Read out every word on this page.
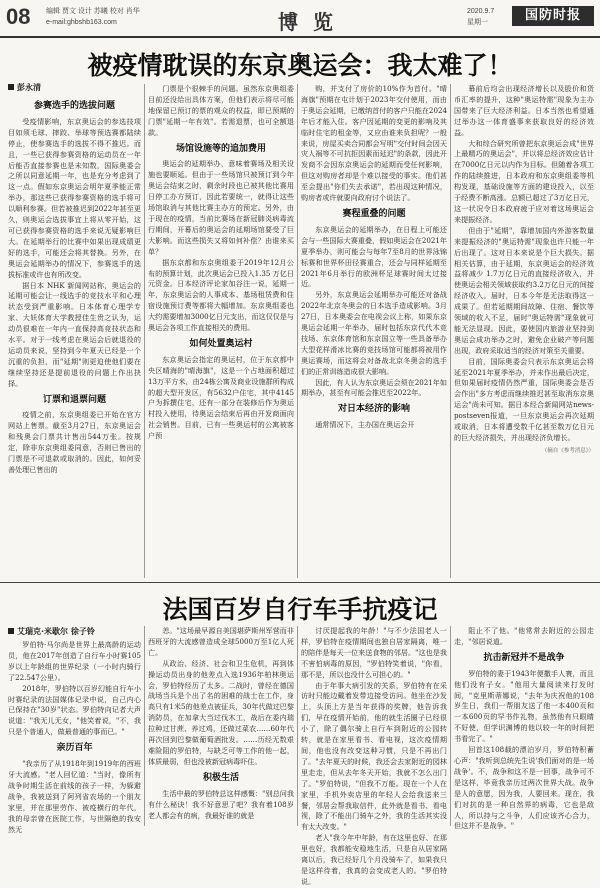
08 编辑 贾文 设计 苏曦 校对 肖华
e-mail:ghbshb163.com	博 览	2020.9.7
星期一	国防时报
被疫情耽误的东京奥运会：我太难了！
彭永清
参赛选手的选拔问题

受疫情影响，东京奥运会的参选技项目如须毛球、摔跤、举球等预选赛都陆续停止，使参赛选手的选拔不得不推迟。而且，一些已获得参赛资格的运动员在一年后能否直接参赛也是未知数，国际奥委会之所以同意延期一年，也是充分考虑到了这一点。假如东京奥运会明年夏季能正常举办，那这些已获得参赛资格的选手将可以顺利参赛。但若被推迟到2022年甚至更久，则奥运会选拔事宜上将从零开始，这可已获得参赛资格的选手来说无疑影响巨大。在延期举行的比赛中如果出现成绩更好的选手，可能还会将其替换。另外，在奥运会延期举办的情况下，参赛选手的选拔标准或许也有所改变。

据日本 NHK 新闻网站称，奥运会的延期可能会让一线选手的竞技水平和心理状态受到严重影响。日本体育心理学专家、大妖体育大学教授佳生贵之认为，运动员很难在一年内一直保持高竞技状态和水平。对于一线考虑在奥运会后就退役的运动员来说，坚持到今年夏天已经是一个沉重的负担，而"延期"则更迫使他们要在继续坚持还是提前退役的问题上作出抉择。

订票和退票问题

疫情之前，东京奥组委已开始在官方网站上售票。截至3月27日，东京奥运会和残奥会门票共计售出544万张。按规定，除非东京奥组委同意，否则已售出的门票是不可退款或取消的。因此，如何妥善处理已售出的

门票是个很棘手的问题。虽然东京奥组委目前还没给出具体方案，但他们表示将尽可能地保留已预订的票的观众的权益，即已预期的门票"延期一年有效"。若需退票，也可全额退款。

场馆设施等的追加费用

奥运会的延期举办，意味着赛场及相关设施也要顺延。但由于一些场馆只被预订到今年奥运会结束之时，剩余时段也已被其他比赛用日停工办方预订，因此若要统一，就得让这些场馆取消与其他比赛主办方的预定。另外，由于现在的疫情，当前比赛场在新冠肺炎病毒流行期间，开幕后的奥运会的延期场馆要受了巨大影响。而这些损失又将如何补偿？由谁来买单？

据东京都和东京奥组委于2019年12月公布的预算计划，此次奥运会已投入1.35 万亿日元资金。日本经济评论家加谷注一说，延期一年，东京奥运会的人事成本、基场租赁费和住宿设施预订费等都将大幅增加。东京奥组委也大约需要增加3000亿日元支出，而这仅仅是与奥运会各项工作直接相关的费用。

如何处置奥运村

东京奥运会指定的奥运村，位于东京都中央区晴海的"晴海旗"，这是一个占地面积超过13万平方米，由24栋公寓及商业设施群所构成的超大型开发区，有5632户住宅，其中4145户为拆撰住宅，还有一部分在装修后作为奥运村投入使用，待奥运会结束后再由开发商面向社会销售。目前，已有一些奥运村的公寓被客户预

购，并支付了房价的10%作为首付。"晴海旗"预期在屯计划于2023年交付使用，而由于奥运会延期，已缴纳首付的客户只能在2024年后才能入住。客户因延期的变更的影响及其临时住宅的租金等，又应由谁来负担呢？一般来说，房屋买卖合同都会写明"交付时间会因天灾人祸等不可抗拒因素而延迟"的条款，因此开发商不会因东京奥运会的延期而受任何影响，但这对购房者却是个难以接受的事实。他们甚至会提出"你们失去承诺"，若出现这种情况，购房者或许就要向政府讨个说法了。

赛程重叠的问题

东京奥运会的延期举办，在日程上可能还会与一些国际大赛重叠，假如奥运会在2021年夏季举办，则可能会与每年7至8月的世界泳锦标赛和世界杯田径赛重合，还会与同样延期至2021年6月举行的欧洲杯足球赛时间太过接近。

另外，东京奥运会延期举办可能还对备战2022年北京冬奥会的日本选手造成影响。3月27日，日本奥委会在电视会议上称，如果东京奥运会延期一年举办，届时包括东京代代木竞技场、东京体育馆和东京国立等一些具备举办大型花样滑冰比赛的竞技场馆可能都将被用作奥运赛场，而这将会对备战北京冬奥会的选手们的正常训练造成很大影响。

因此，有人认为东京奥运会须在2021年如期举办，甚至有可能会推迟至2022年。

对日本经济的影响

通常情况下，主办国在奥运会开

幕前后均会出现经济增长以及股价和货币汇率的提升，这种"奥运特需"现象为主办国带来了巨大经济利益。日本当然也希望通过举办这一体育盛事来获取良好的经济效益。

大和综合研究所曾把东京奥运会成"世界上最精巧的奥运会"，并以将总经济效应估计在7000亿日元以内作为目标。但随着各项工作的陆续推进，日本政府和东京奥组委等机构发现，基础设施等方面的建设投入，以至于经费不断高涨。总额已超过了3万亿日元，这一状况令日本政府疲于应对着这场奥运会来提振经济。

但由于"延期"，靠增加国内外游客数量来提振经济的"奥运特需"现象也许只能一年后出现了。这对日本来说是个巨大损失。据相关估算，由于延期，东京奥运会的经济效益将减少 1.7万亿日元的直接经济收入，并使奥运会相关领域获取约3.2万亿日元的间接经济收入。届时，日本今年是无法取得这一成果了。但若延期期间故障、住宿、餐饮等领域的收入不足，届时"奥运特需"现象就可能无法显现。因此，要使国内旅游业坚持到奥运会成功举办之时，避免企业破产等问题出现，政府采取适当的经济对策至关重要。

目前，国际奥委会只表示东京奥运会将延至2021年夏季举办，并未作出最后决定，但如果届时疫情仍然严重，国际奥委会是否会作出"多方考虑而继续推迟甚至取消东京奥运会"尚未可知。据日本经合新闻网站news-postseven报道，一旦东京奥运会再次延期或取消，日本将遭受数千亿甚至数万亿日元的巨大经济损失，并出现经济负增长。

（摘自《参考消息》）
法国百岁自行车手抗疫记
艾瑞克·米歇尔 徐子铃

罗伯特·马尔尚是世界上最高龄的运动员，他在2017年创造了自行车小时赛105岁以上年龄组的世界纪录（一小时内骑行了22.547公里）。

2018年，罗伯特以百岁幻能自行车小时赛纪录的法国媒体记录中说，自己内心已保持在"30岁"状态。罗伯特向记者大声说道："我无儿无女，"他笑着说，"不，我只是个普通人，做最普通的事而已。"

亲历百年

"我亲历了从1918年到1919年的西班牙大流感。"老人回忆道："当时，像所有战争时期生活在前线的孩子一样，为躲避战争，我被送到了阿列省农场的一个朋友家里，并在那里劳作、被疫横行的年代，我的母亲曾在医院工作，与世隔绝的我安然无

恙。"这场最早源自美国堪萨斯州军营而非西班牙的大流感曾造成全球5000万至1亿人死亡。

从政治、经济、社会和卫生危机，再到体操运动员出身的他差点入选1936年柏林奥运会，罗伯特经历了太多。二战时，曾经在德国战场当兵是个出了名的困难的战士在工作，身高只有1米5的他差点被征兵，30年代做过巴黎消防员，在加拿大当过伐木工，战后在委内瑞拉种过甘蔗、养过鸡，还做过菜农……60年代再次回到巴黎做葡萄酒批发。……历经无数艰难险阻的罗伯特，与缺乏可等工作的他一起，体质最弱，但也没被新冠病毒吓住。

积极生活

生活中最的罗伯特总这样感慨："别总问我有什么秘诀！我不好意思了吧？我有着108岁老人都会有的病，我最好谁的就是

讨厌提起我的年龄！"与不少法国老人一样，罗伯特在疫情期间也独自居家隔离，唯一的陪伴是每天一位来送食物的邻居。"这也是我不害怕病毒的原因，"罗伯特笑着说，"你看，那不是，所以也没什么可担心的。"

由于年事大病引发的关系，罗伯特有在采访时只能边戴着发带边接受访问。他坐在沙发上，头顶上方是当年获得的奖牌，他告诉我们，早在疫情开始前，他的就生活圈子已经很小了，除了偶尔骑上自行车到附近的公园转转，就是在家里看书、看电视，这次疫情期间，他也没有改变这种习惯，只是不再出门了。"去年夏天的时候，我还会去家附近的园林里走走，但从去年冬天开始，我就不怎么出门了。"罗伯特说，"但我不万能。现在一个人在家里，手机外卖店里的年轻人会给我送来三餐，邻居会帮我取信件，此外就是看书、看电视，除了不能出门骑车之外，我的生活其实没有太大改变。"

老人"我今年中年龄，有在这里也好、在那里也好，我都能安稳地生活，只是自从居家隔离以后，我已经好几个月没骑车了，如果我只是这样待着，我真的会变成老人的。"罗伯特说。

阻止不了他。"他常常去附近的公园走走，"邻居说道。

抗击新冠并不是战争

罗伯特的妻于1943年便撒手人寰，而且他们没有子女。"他用大量阅读来打发时间，"克里斯蒂娜说，"去年为庆祝他的108岁生日，我们一帮朋友送了他一本400页和一本600页的罕书作礼物，虽然他有只眼睛不好使，但学识渊博的他以较一年的时间把书看完了。"

回首这108载的漂泊岁月，罗伯特积蓄心声："我听到总统先生说'我们面对的是一场战争'。不，战争和这不是一回事，战争可不是这样，毕竟我亲历过两次世界大战。战争是人的意愿，因为我，人要回来。现在，我们对抗的是一种自然界的病毒，它也是敌人，所以持与之斗争，人们应该齐心合力，但这并不是战争。"
